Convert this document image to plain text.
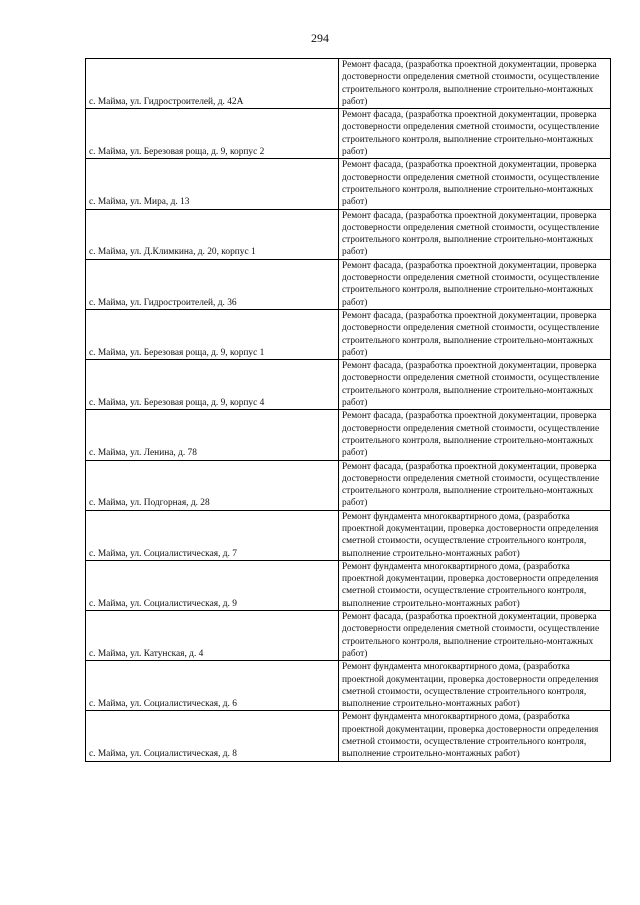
294
с. Майма, ул. Гидростроителей, д. 42А	Ремонт фасада, (разработка проектной документации, проверка достоверности определения сметной стоимости, осуществление строительного контроля, выполнение строительно-монтажных работ)
с. Майма, ул. Березовая роща, д. 9, корпус 2	Ремонт фасада, (разработка проектной документации, проверка достоверности определения сметной стоимости, осуществление строительного контроля, выполнение строительно-монтажных работ)
с. Майма, ул. Мира, д. 13	Ремонт фасада, (разработка проектной документации, проверка достоверности определения сметной стоимости, осуществление строительного контроля, выполнение строительно-монтажных работ)
с. Майма, ул. Д.Климкина, д. 20, корпус 1	Ремонт фасада, (разработка проектной документации, проверка достоверности определения сметной стоимости, осуществление строительного контроля, выполнение строительно-монтажных работ)
с. Майма, ул. Гидростроителей, д. 36	Ремонт фасада, (разработка проектной документации, проверка достоверности определения сметной стоимости, осуществление строительного контроля, выполнение строительно-монтажных работ)
с. Майма, ул. Березовая роща, д. 9, корпус 1	Ремонт фасада, (разработка проектной документации, проверка достоверности определения сметной стоимости, осуществление строительного контроля, выполнение строительно-монтажных работ)
с. Майма, ул. Березовая роща, д. 9, корпус 4	Ремонт фасада, (разработка проектной документации, проверка достоверности определения сметной стоимости, осуществление строительного контроля, выполнение строительно-монтажных работ)
с. Майма, ул. Ленина, д. 78	Ремонт фасада, (разработка проектной документации, проверка достоверности определения сметной стоимости, осуществление строительного контроля, выполнение строительно-монтажных работ)
с. Майма, ул. Подгорная, д. 28	Ремонт фасада, (разработка проектной документации, проверка достоверности определения сметной стоимости, осуществление строительного контроля, выполнение строительно-монтажных работ)
с. Майма, ул. Социалистическая, д. 7	Ремонт фундамента многоквартирного дома, (разработка проектной документации, проверка достоверности определения сметной стоимости, осуществление строительного контроля, выполнение строительно-монтажных работ)
с. Майма, ул. Социалистическая, д. 9	Ремонт фундамента многоквартирного дома, (разработка проектной документации, проверка достоверности определения сметной стоимости, осуществление строительного контроля, выполнение строительно-монтажных работ)
с. Майма, ул. Катунская, д. 4	Ремонт фасада, (разработка проектной документации, проверка достоверности определения сметной стоимости, осуществление строительного контроля, выполнение строительно-монтажных работ)
с. Майма, ул. Социалистическая, д. 6	Ремонт фундамента многоквартирного дома, (разработка проектной документации, проверка достоверности определения сметной стоимости, осуществление строительного контроля, выполнение строительно-монтажных работ)
с. Майма, ул. Социалистическая, д. 8	Ремонт фундамента многоквартирного дома, (разработка проектной документации, проверка достоверности определения сметной стоимости, осуществление строительного контроля, выполнение строительно-монтажных работ)
